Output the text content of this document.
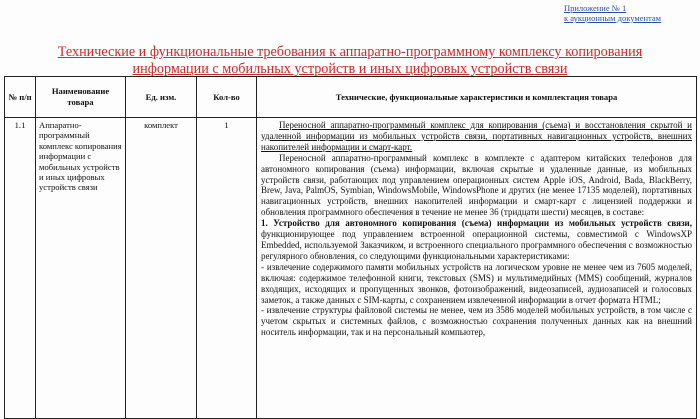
Приложение № 1
к аукционным документам
Технические и функциональные требования к аппаратно-программному комплексу копирования
информации с мобильных устройств и иных цифровых устройств связи
№ п/п	Наименование товара	Ед. изм.	Кол-во	Технические, функциональные характеристики и комплектация товара
1.1	Аппаратно-программный комплекс копирования информации с мобильных устройств и иных цифровых устройств связи	комплект	1	Переносной аппаратно-программный комплекс для копирования (съема) и восстановления скрытой и удаленной информации из мобильных устройств связи, портативных навигационных устройств, внешних накопителей информации и смарт-карт.

Переносной аппаратно-программный комплекс в комплекте с адаптером китайских телефонов для автономного копирования (съема) информации, включая скрытые и удаленные данные, из мобильных устройств связи, работающих под управлением операционных систем Apple iOS, Android, Bada, BlackBerry, Brew, Java, PalmOS, Symbian, WindowsMobile, WindowsPhone и других (не менее 17135 моделей), портативных навигационных устройств, внешних накопителей информации и смарт-карт с лицензией поддержки и обновления программного обеспечения в течение не менее 36 (тридцати шести) месяцев, в составе:

1. Устройство для автономного копирования (съема) информации из мобильных устройств связи, функционирующее под управлением встроенной операционной системы, совместимой с WindowsXP Embedded, используемой Заказчиком, и встроенного специального программного обеспечения с возможностью регулярного обновления, со следующими функциональными характеристиками:

- извлечение содержимого памяти мобильных устройств на логическом уровне не менее чем из 7605 моделей, включая: содержимое телефонной книги, текстовых (SMS) и мультимедийных (MMS) сообщений, журналов входящих, исходящих и пропущенных звонков, фотоизображений, видеозаписей, аудиозаписей и голосовых заметок, а также данных с SIM-карты, с сохранением извлеченной информации в отчет формата HTML;

- извлечение структуры файловой системы не менее, чем из 3586 моделей мобильных устройств, в том числе с учетом скрытых и системных файлов, с возможностью сохранения полученных данных как на внешний носитель информации, так и на персональный компьютер,
